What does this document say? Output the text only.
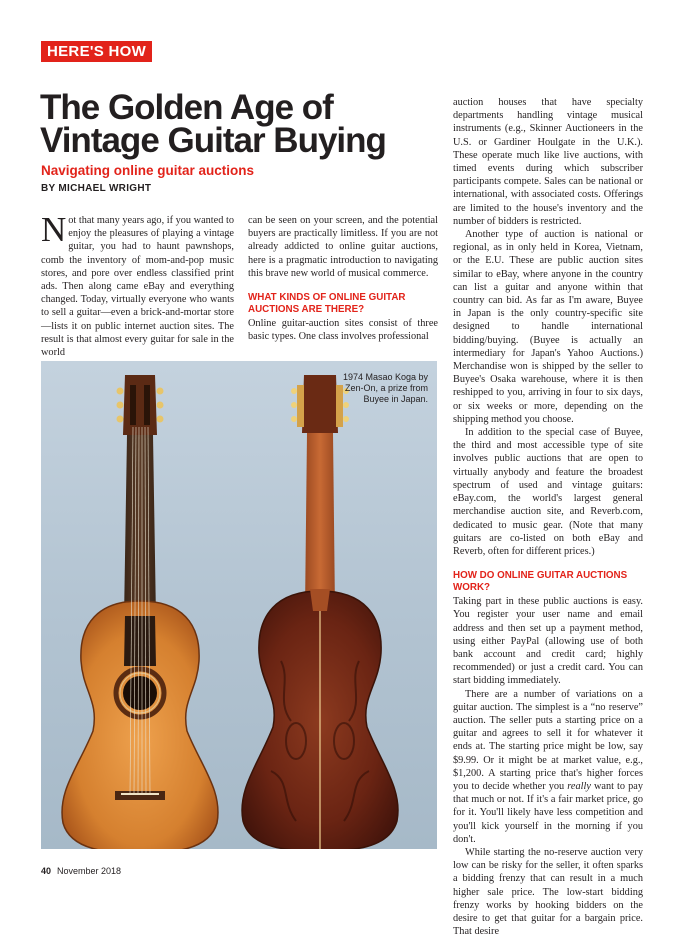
HERE'S HOW
The Golden Age of Vintage Guitar Buying
Navigating online guitar auctions
BY MICHAEL WRIGHT

Not that many years ago, if you wanted to enjoy the pleasures of playing a vintage guitar, you had to haunt pawnshops, comb the inventory of mom-and-pop music stores, and pore over endless classified print ads. Then along came eBay and everything changed. Today, virtually everyone who wants to sell a guitar—even a brick-and-mortar store—lists it on public internet auction sites. The result is that almost every guitar for sale in the world

can be seen on your screen, and the potential buyers are practically limitless. If you are not already addicted to online guitar auctions, here is a pragmatic introduction to navigating this brave new world of musical commerce.

WHAT KINDS OF ONLINE GUITAR AUCTIONS ARE THERE?

Online guitar-auction sites consist of three basic types. One class involves professional

auction houses that have specialty departments handling vintage musical instruments (e.g., Skinner Auctioneers in the U.S. or Gardiner Houlgate in the U.K.). These operate much like live auctions, with timed events during which subscriber participants compete. Sales can be national or international, with associated costs. Offerings are limited to the house's inventory and the number of bidders is restricted.

Another type of auction is national or regional, as in only held in Korea, Vietnam, or the E.U. These are public auction sites similar to eBay, where anyone in the country can list a guitar and anyone within that country can bid. As far as I'm aware, Buyee in Japan is the only country-specific site designed to handle international bidding/buying. (Buyee is actually an intermediary for Japan's Yahoo Auctions.) Merchandise won is shipped by the seller to Buyee's Osaka warehouse, where it is then reshipped to you, arriving in four to six days, or six weeks or more, depending on the shipping method you choose.

In addition to the special case of Buyee, the third and most accessible type of site involves public auctions that are open to virtually anybody and feature the broadest spectrum of used and vintage guitars: eBay.com, the world's largest general merchandise auction site, and Reverb.com, dedicated to music gear. (Note that many guitars are co-listed on both eBay and Reverb, often for different prices.)

HOW DO ONLINE GUITAR AUCTIONS WORK?

Taking part in these public auctions is easy. You register your user name and email address and then set up a payment method, using either PayPal (allowing use of both bank account and credit card; highly recommended) or just a credit card. You can start bidding immediately.

There are a number of variations on a guitar auction. The simplest is a “no reserve” auction. The seller puts a starting price on a guitar and agrees to sell it for whatever it ends at. The starting price might be low, say $9.99. Or it might be at market value, e.g., $1,200. A starting price that's higher forces you to decide whether you really want to pay that much or not. If it's a fair market price, go for it. You'll likely have less competition and you'll kick yourself in the morning if you don't.

While starting the no-reserve auction very low can be risky for the seller, it often sparks a bidding frenzy that can result in a much higher sale price. The low-start bidding frenzy works by hooking bidders on the desire to get that guitar for a bargain price. That desire

1974 Masao Koga by Zen-On, a prize from Buyee in Japan.
40 November 2018
